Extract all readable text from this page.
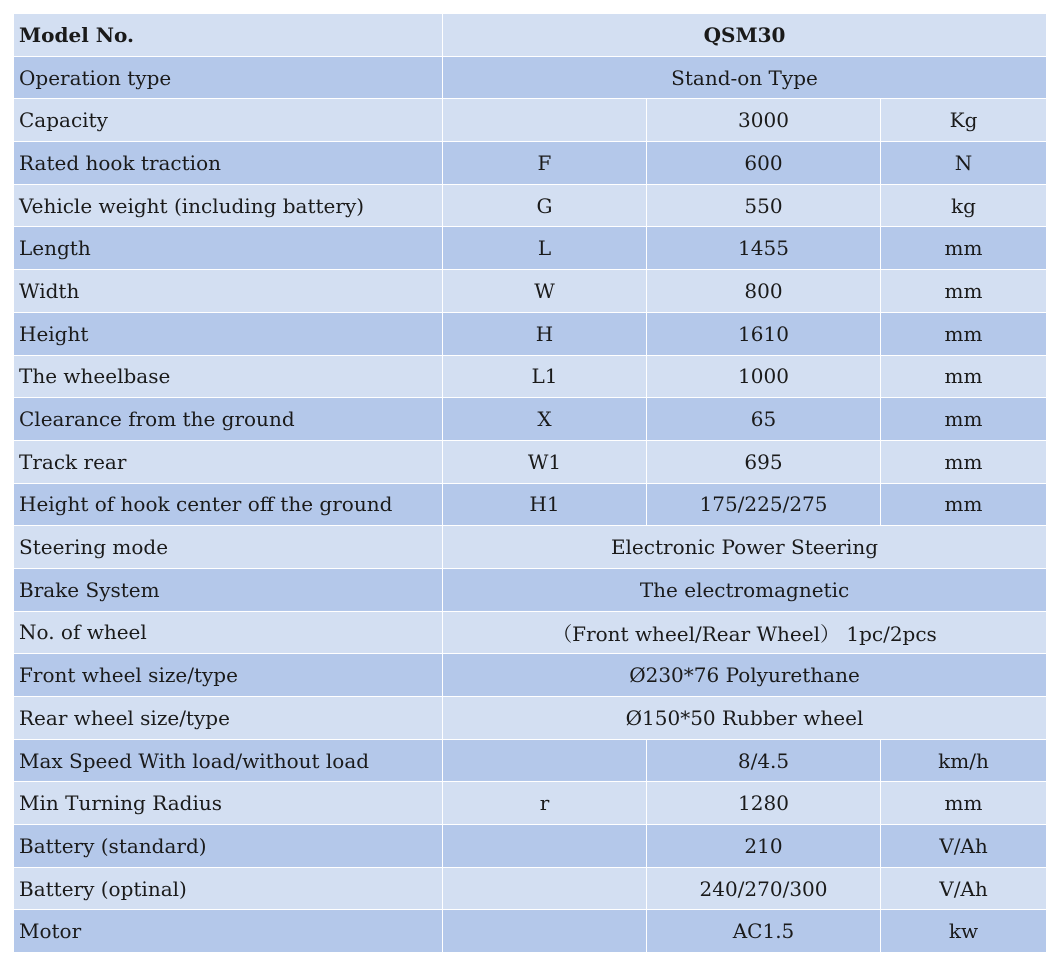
Model No.	QSM30		
Operation type	Stand-on Type		
Capacity		3000	Kg
Rated hook traction	F	600	N
Vehicle weight (including battery)	G	550	kg
Length	L	1455	mm
Width	W	800	mm
Height	H	1610	mm
The wheelbase	L1	1000	mm
Clearance from the ground	X	65	mm
Track rear	W1	695	mm
Height of hook center off the ground	H1	175/225/275	mm
Steering mode	Electronic Power Steering		
Brake System	The electromagnetic		
No. of wheel	（Front wheel/Rear Wheel） 1pc/2pcs		
Front wheel size/type	Ø230*76 Polyurethane		
Rear wheel size/type	Ø150*50 Rubber wheel		
Max Speed With load/without load		8/4.5	km/h
Min Turning Radius	r	1280	mm
Battery (standard)		210	V/Ah
Battery (optinal)		240/270/300	V/Ah
Motor		AC1.5	kw
